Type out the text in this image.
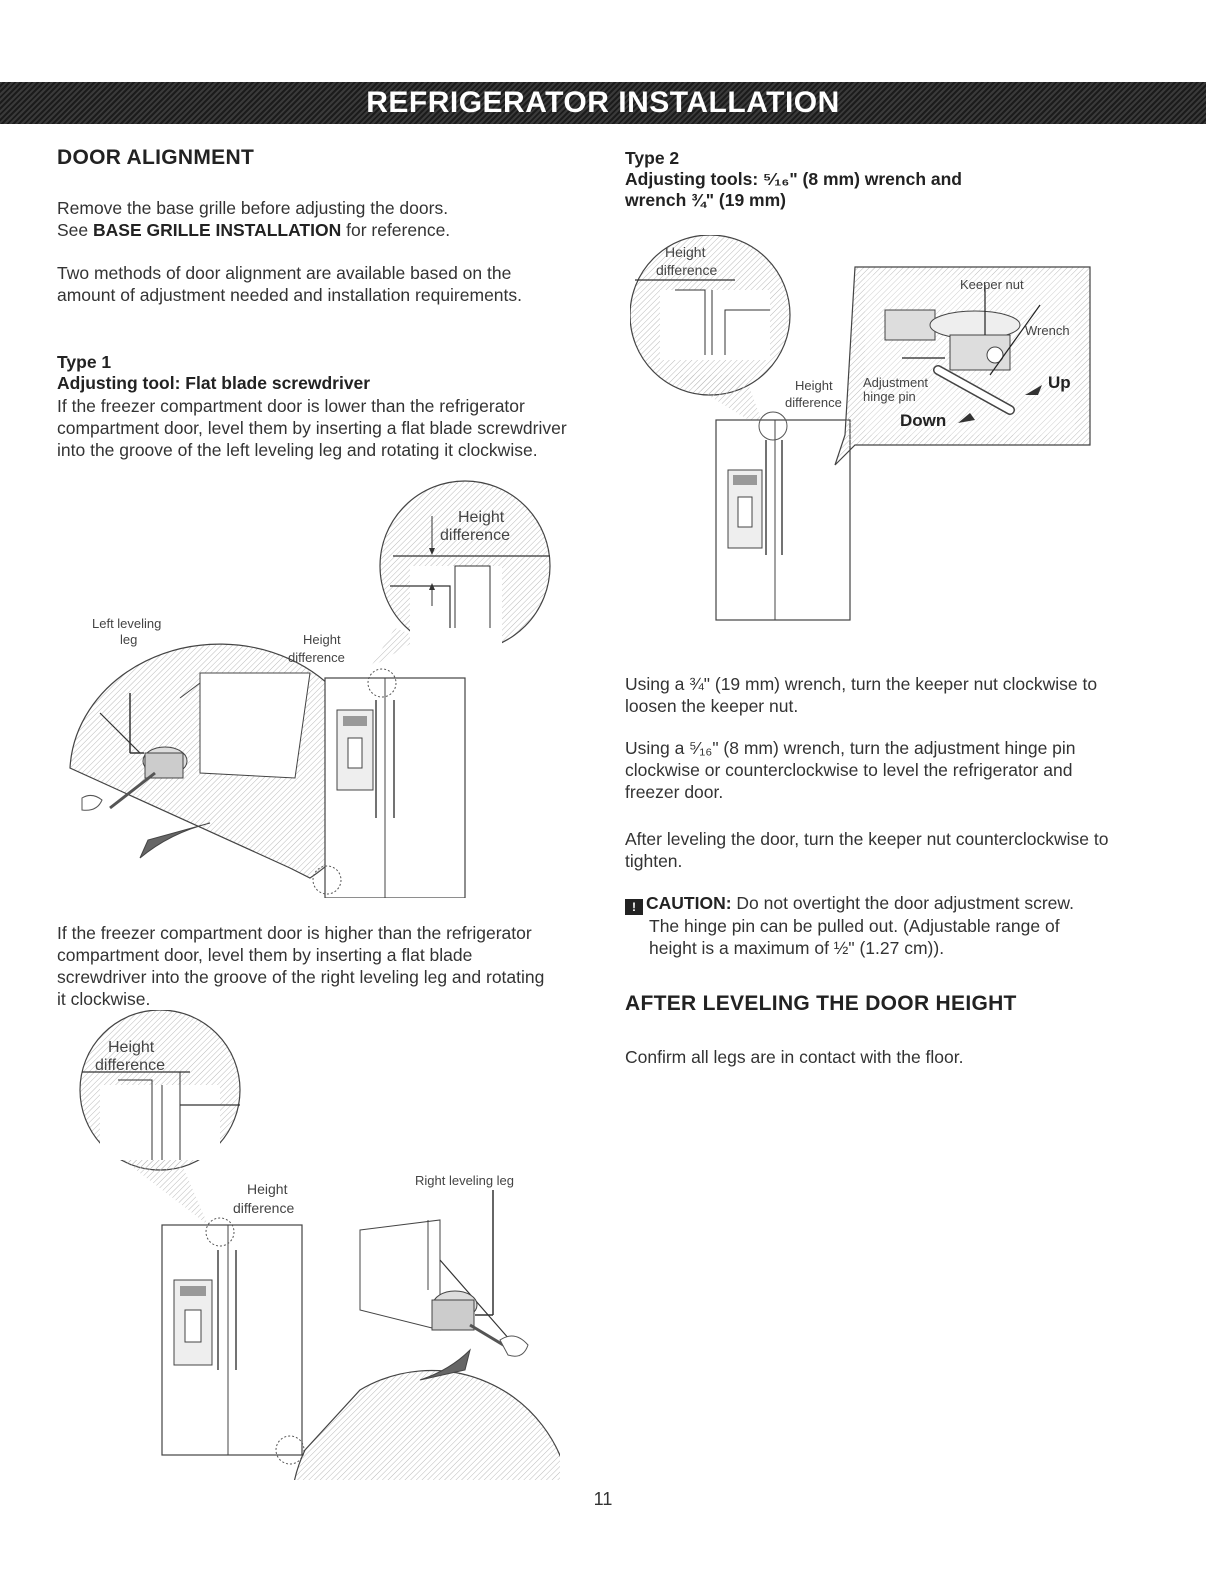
REFRIGERATOR INSTALLATION
DOOR ALIGNMENT

Remove the base grille before adjusting the doors.

See BASE GRILLE INSTALLATION for reference.

Two methods of door alignment are available based on the amount of adjustment needed and installation requirements.

Type 1

Adjusting tool: Flat blade screwdriver

If the freezer compartment door is lower than the refrigerator compartment door, level them by inserting a flat blade screwdriver into the groove of the left leveling leg and rotating it clockwise.

Height
difference
Left leveling
leg	Height
difference

If the freezer compartment door is higher than the refrigerator compartment door, level them by inserting a flat blade screwdriver into the groove of the right leveling leg and rotating it clockwise.

Height
difference
Height
difference
Right leveling leg

Type 2

Adjusting tools: ⁵⁄₁₆" (8 mm) wrench and

wrench ¾" (19 mm)

Height
difference
Height
difference
Keeper nut
Wrench
Adjustment
hinge pin
Up
Down

Using a ¾" (19 mm) wrench, turn the keeper nut clockwise to loosen the keeper nut.

Using a ⁵⁄₁₆" (8 mm) wrench, turn the adjustment hinge pin clockwise or counterclockwise to level the refrigerator and freezer door.

After leveling the door, turn the keeper nut counterclockwise to tighten.

! CAUTION: Do not overtight the door adjustment screw.

The hinge pin can be pulled out. (Adjustable range of height is a maximum of ½" (1.27 cm)).

AFTER LEVELING THE DOOR HEIGHT

Confirm all legs are in contact with the floor.

11
